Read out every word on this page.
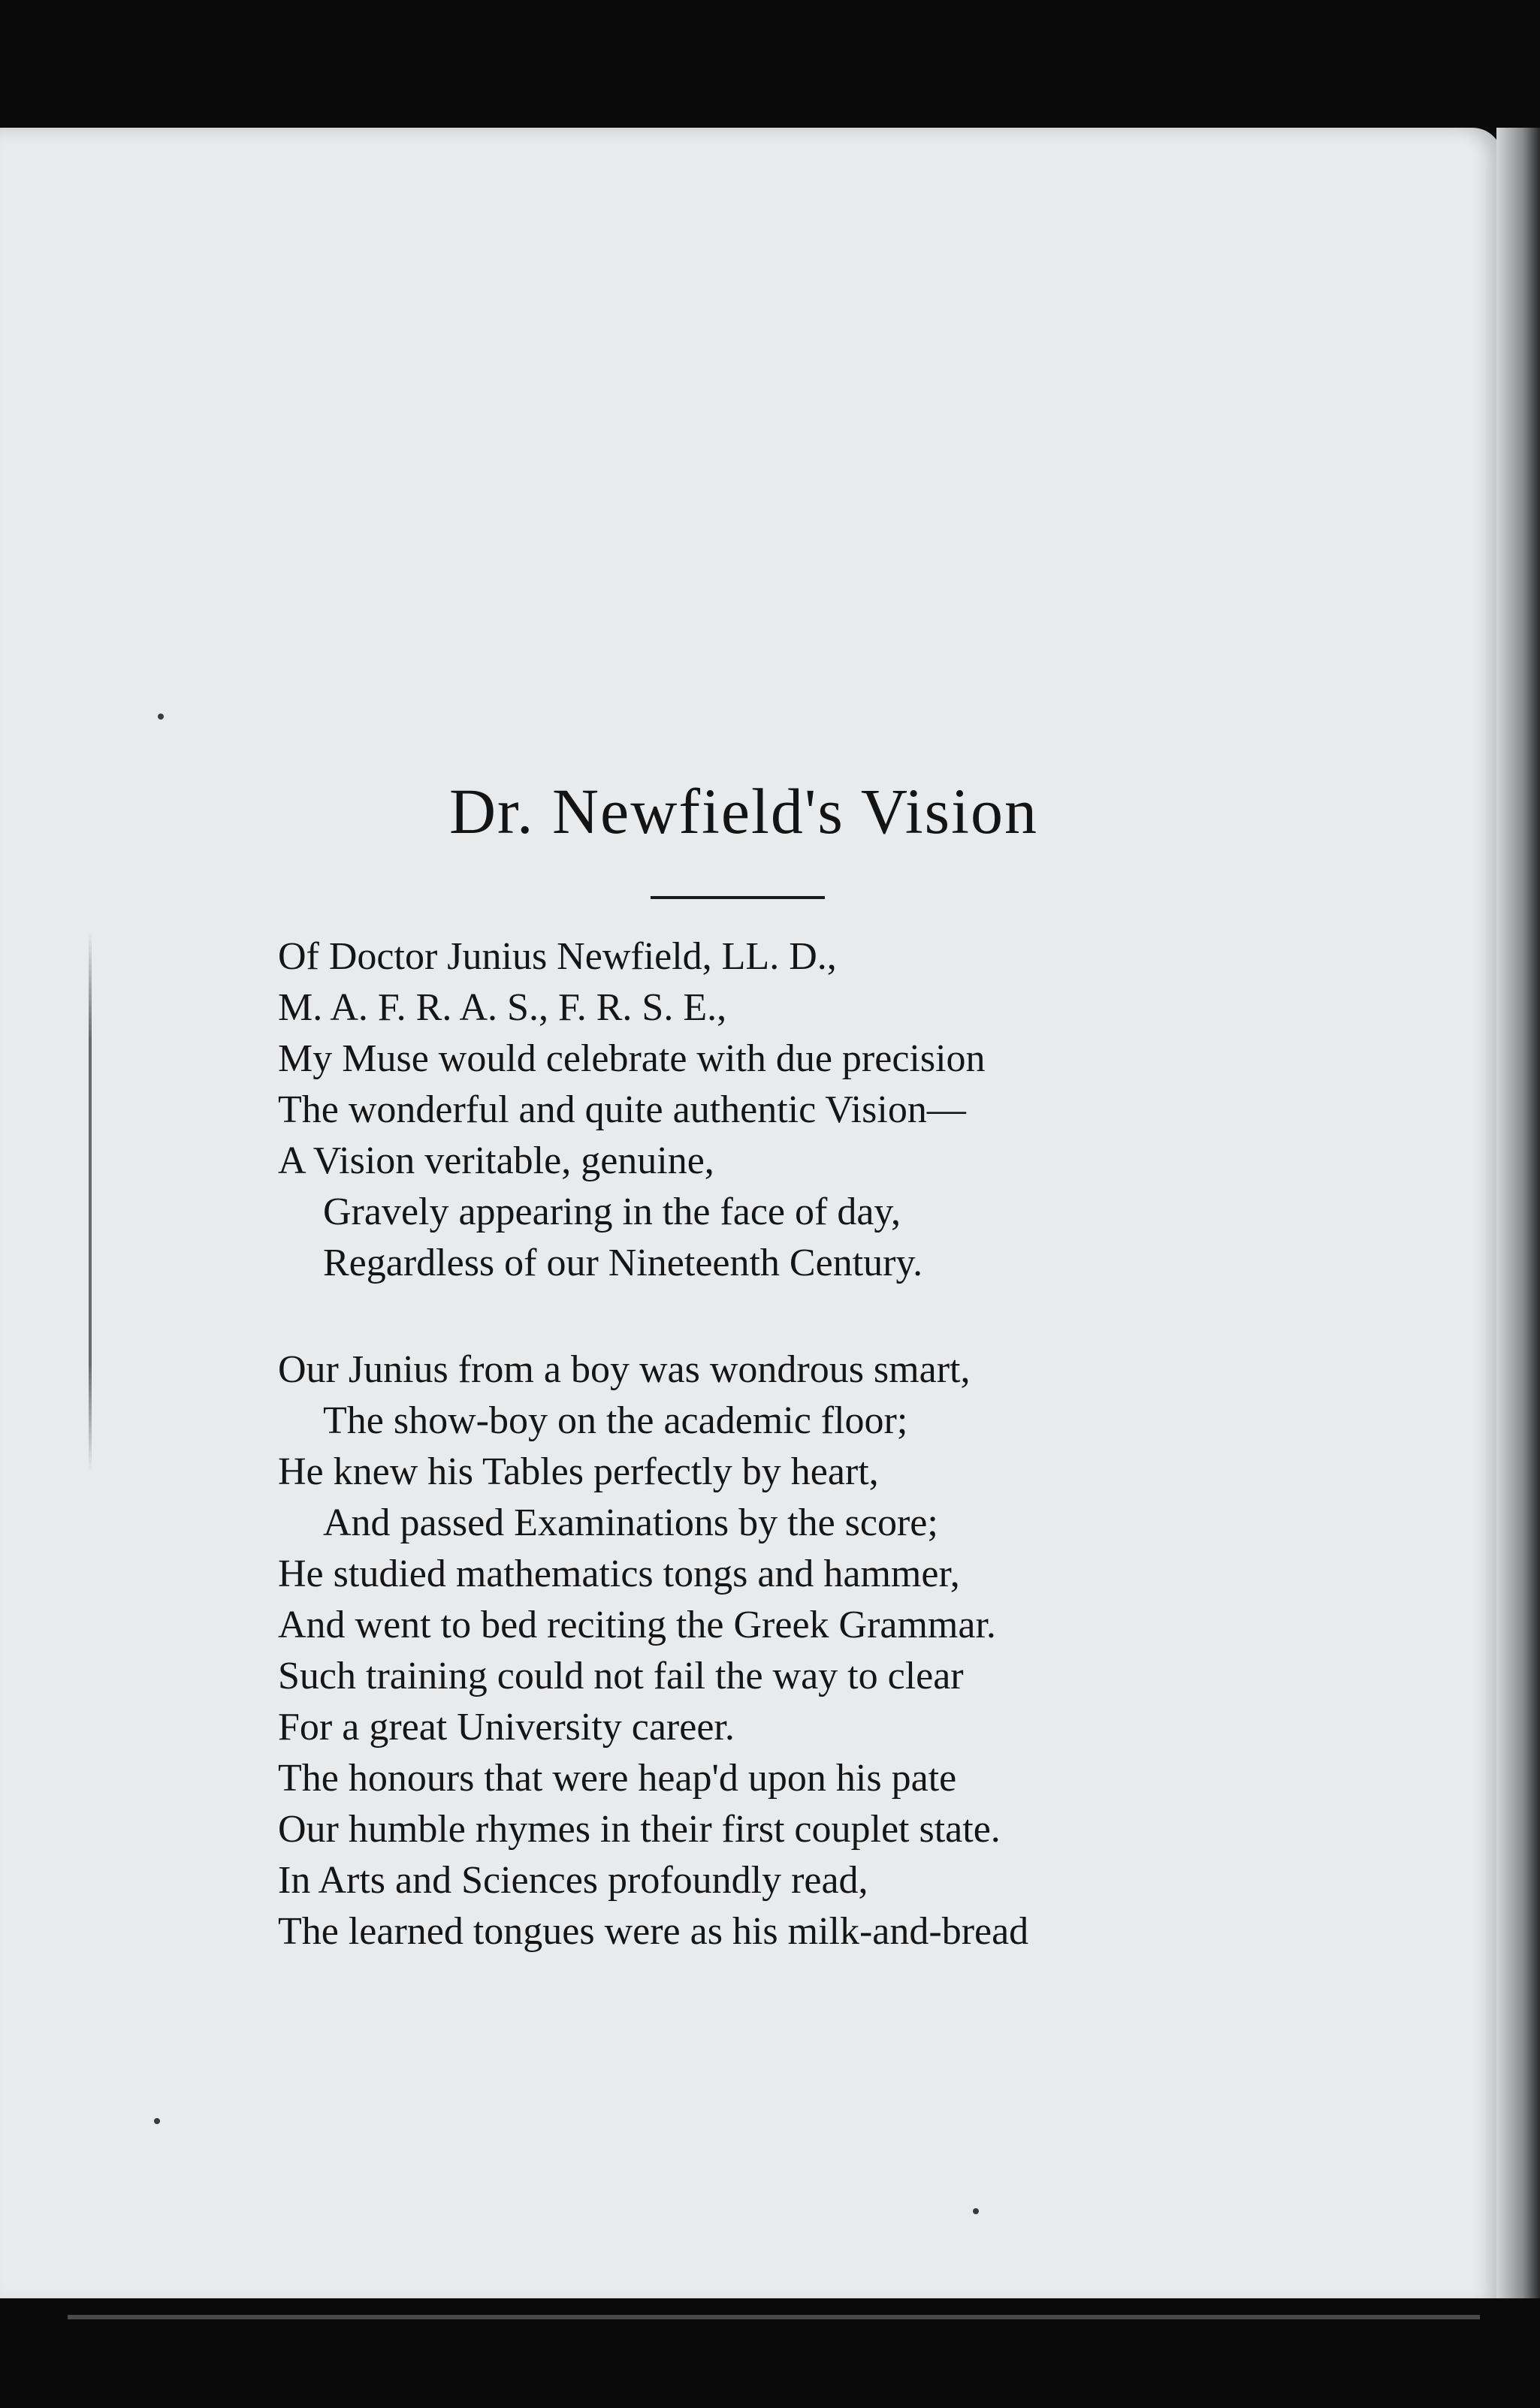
Dr. Newfield's Vision
Of Doctor Junius Newfield, LL. D.,
M. A. F. R. A. S., F. R. S. E.,
My Muse would celebrate with due precision
The wonderful and quite authentic Vision—
A Vision veritable, genuine,
Gravely appearing in the face of day,
Regardless of our Nineteenth Century.
Our Junius from a boy was wondrous smart,
The show-boy on the academic floor;
He knew his Tables perfectly by heart,
And passed Examinations by the score;
He studied mathematics tongs and hammer,
And went to bed reciting the Greek Grammar.
Such training could not fail the way to clear
For a great University career.
The honours that were heap'd upon his pate
Our humble rhymes in their first couplet state.
In Arts and Sciences profoundly read,
The learned tongues were as his milk-and-bread
